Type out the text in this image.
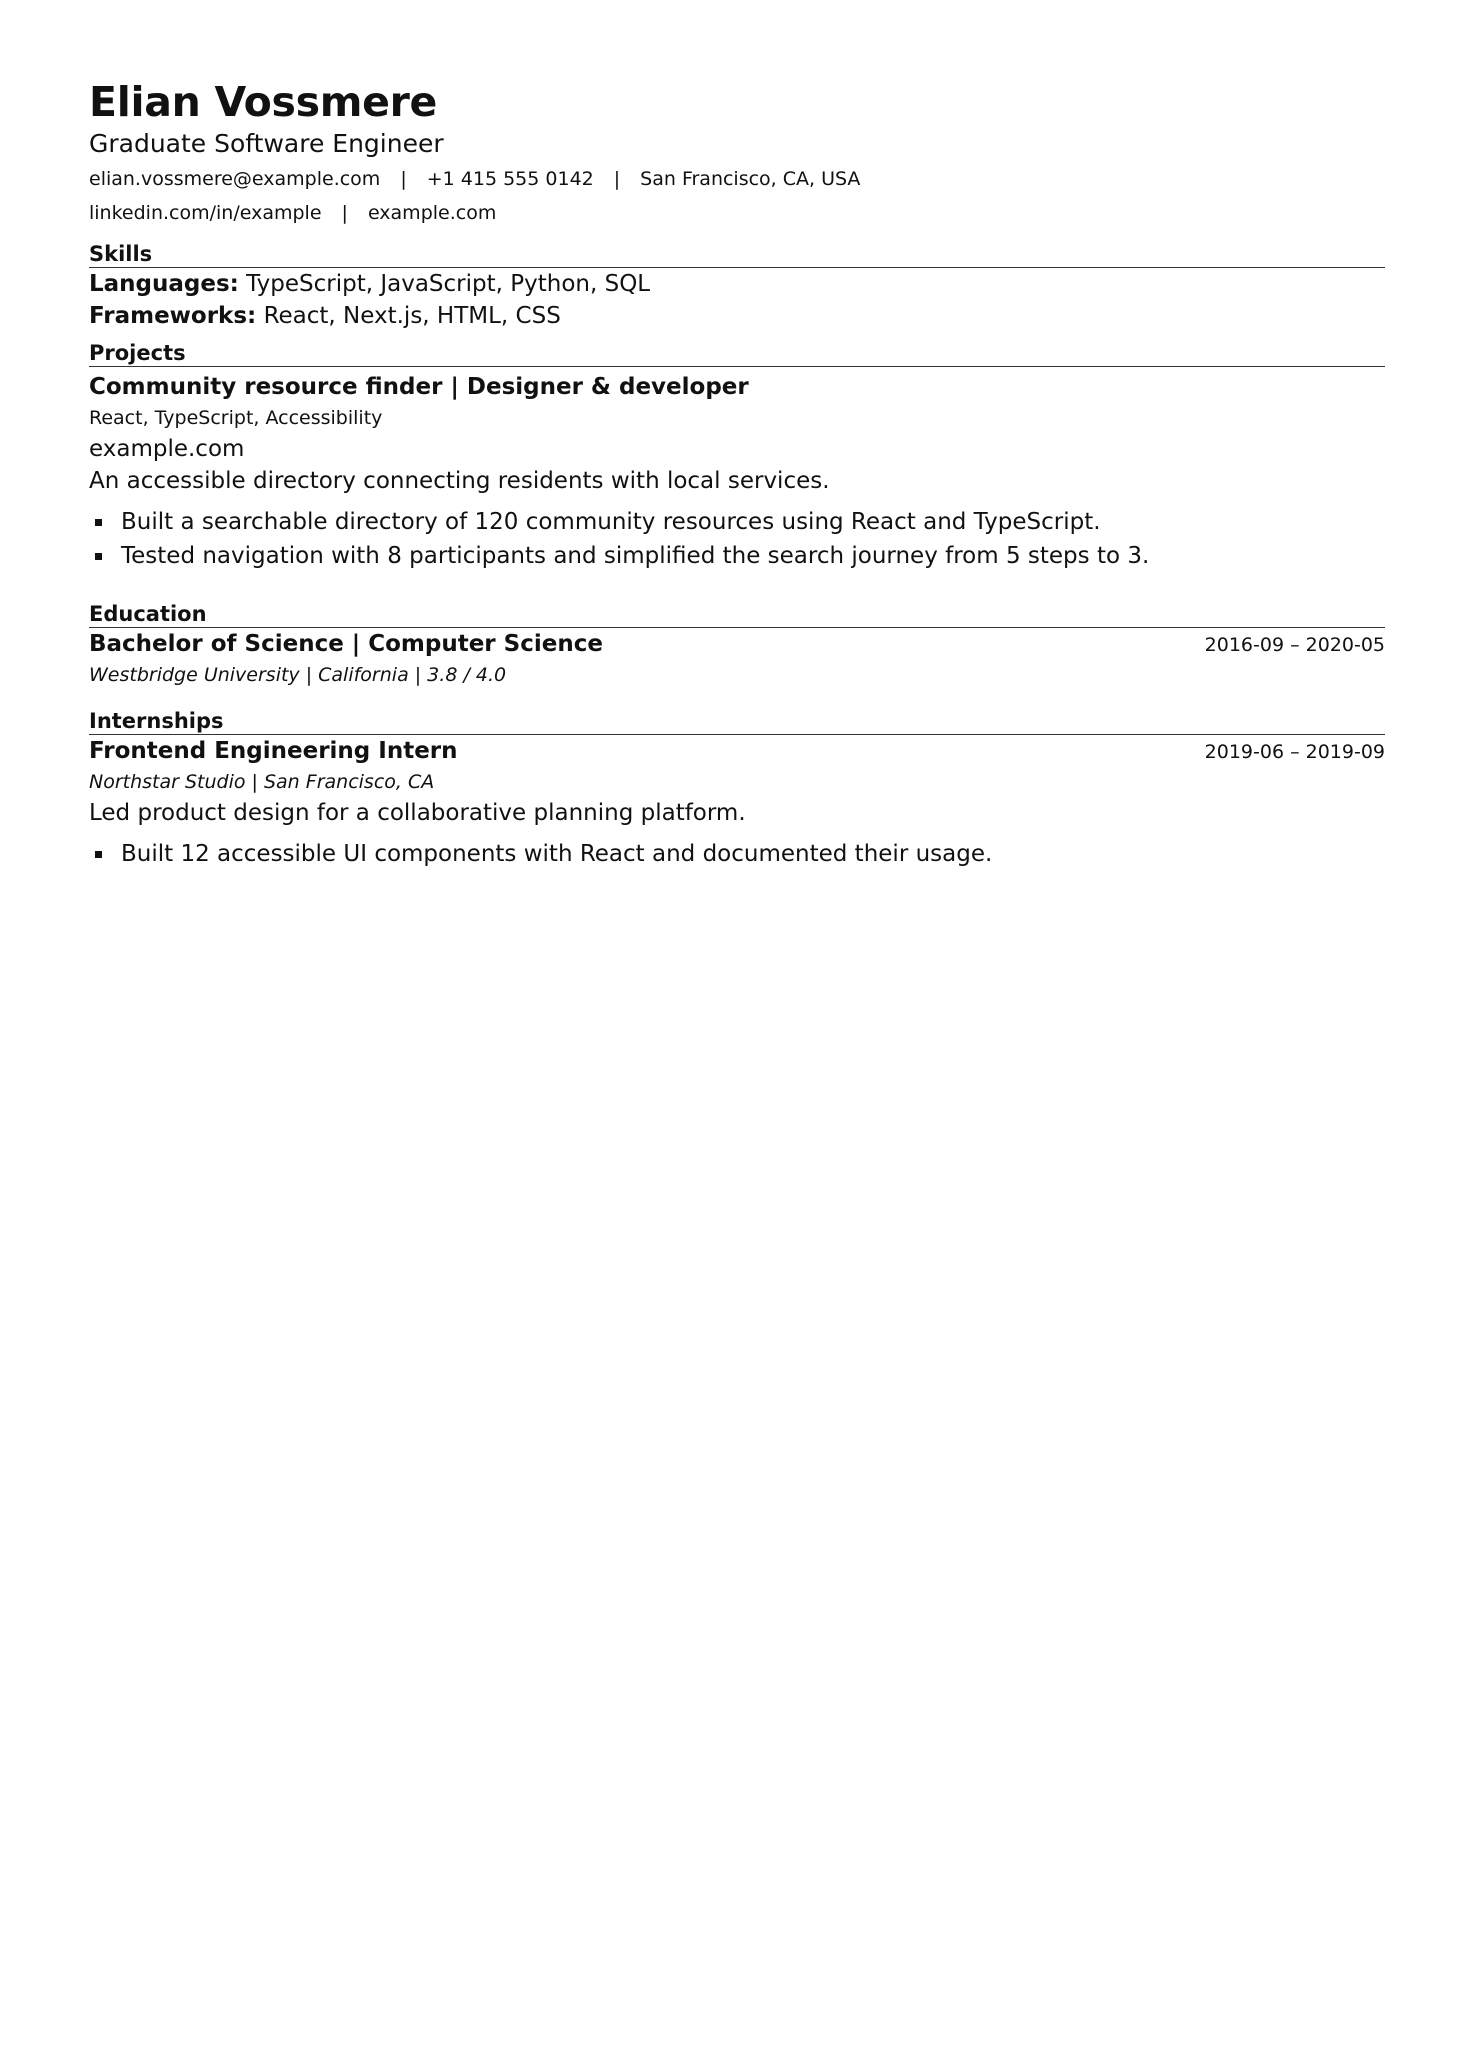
Elian Vossmere
Graduate Software Engineer
elian.vossmere@example.com | +1 415 555 0142 | San Francisco, CA, USA
linkedin.com/in/example | example.com
Skills
Languages: TypeScript, JavaScript, Python, SQL
Frameworks: React, Next.js, HTML, CSS
Projects
Community resource finder | Designer & developer
React, TypeScript, Accessibility
example.com
An accessible directory connecting residents with local services.
Built a searchable directory of 120 community resources using React and TypeScript.
Tested navigation with 8 participants and simplified the search journey from 5 steps to 3.
Education
Bachelor of Science | Computer Science	2016-09 – 2020-05
Westbridge University | California | 3.8 / 4.0
Internships
Frontend Engineering Intern	2019-06 – 2019-09
Northstar Studio | San Francisco, CA
Led product design for a collaborative planning platform.
Built 12 accessible UI components with React and documented their usage.
